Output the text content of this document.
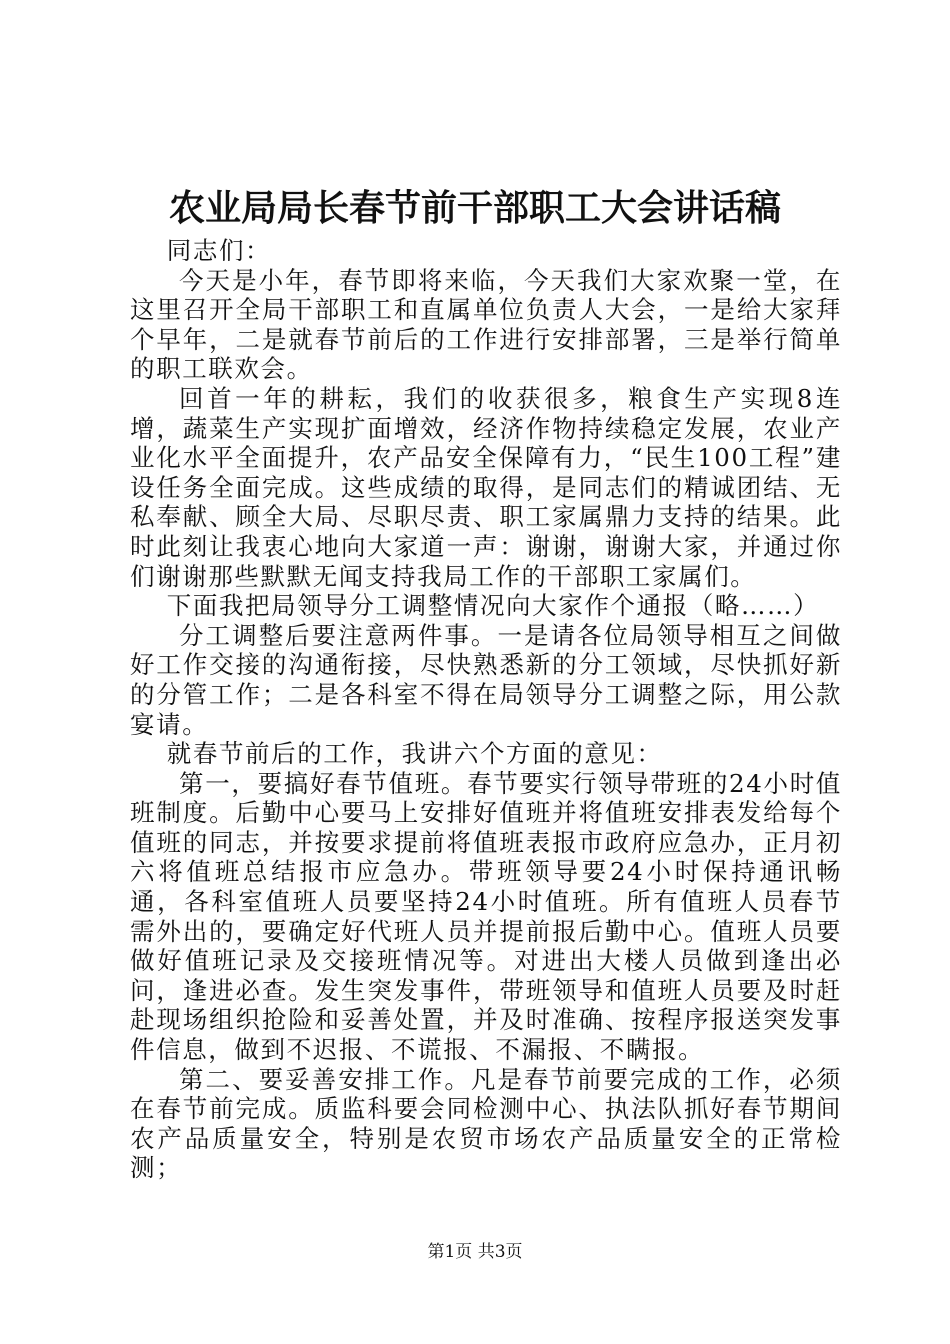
农业局局长春节前干部职工大会讲话稿

同志们：

今天是小年，春节即将来临，今天我们大家欢聚一堂，在这里召开全局干部职工和直属单位负责人大会，一是给大家拜个早年，二是就春节前后的工作进行安排部署，三是举行简单的职工联欢会。

回首一年的耕耘，我们的收获很多，粮食生产实现8连增，蔬菜生产实现扩面增效，经济作物持续稳定发展，农业产业化水平全面提升，农产品安全保障有力，“民生100工程”建设任务全面完成。这些成绩的取得，是同志们的精诚团结、无私奉献、顾全大局、尽职尽责、职工家属鼎力支持的结果。此时此刻让我衷心地向大家道一声：谢谢，谢谢大家，并通过你们谢谢那些默默无闻支持我局工作的干部职工家属们。

下面我把局领导分工调整情况向大家作个通报（略……）

分工调整后要注意两件事。一是请各位局领导相互之间做好工作交接的沟通衔接，尽快熟悉新的分工领域，尽快抓好新的分管工作；二是各科室不得在局领导分工调整之际，用公款宴请。

就春节前后的工作，我讲六个方面的意见：

第一，要搞好春节值班。春节要实行领导带班的24小时值班制度。后勤中心要马上安排好值班并将值班安排表发给每个值班的同志，并按要求提前将值班表报市政府应急办，正月初六将值班总结报市应急办。带班领导要24小时保持通讯畅通，各科室值班人员要坚持24小时值班。所有值班人员春节需外出的，要确定好代班人员并提前报后勤中心。值班人员要做好值班记录及交接班情况等。对进出大楼人员做到逢出必问，逢进必查。发生突发事件，带班领导和值班人员要及时赶赴现场组织抢险和妥善处置，并及时准确、按程序报送突发事件信息，做到不迟报、不谎报、不漏报、不瞒报。

第二、要妥善安排工作。凡是春节前要完成的工作，必须在春节前完成。质监科要会同检测中心、执法队抓好春节期间农产品质量安全，特别是农贸市场农产品质量安全的正常检测；

第1页 共3页
